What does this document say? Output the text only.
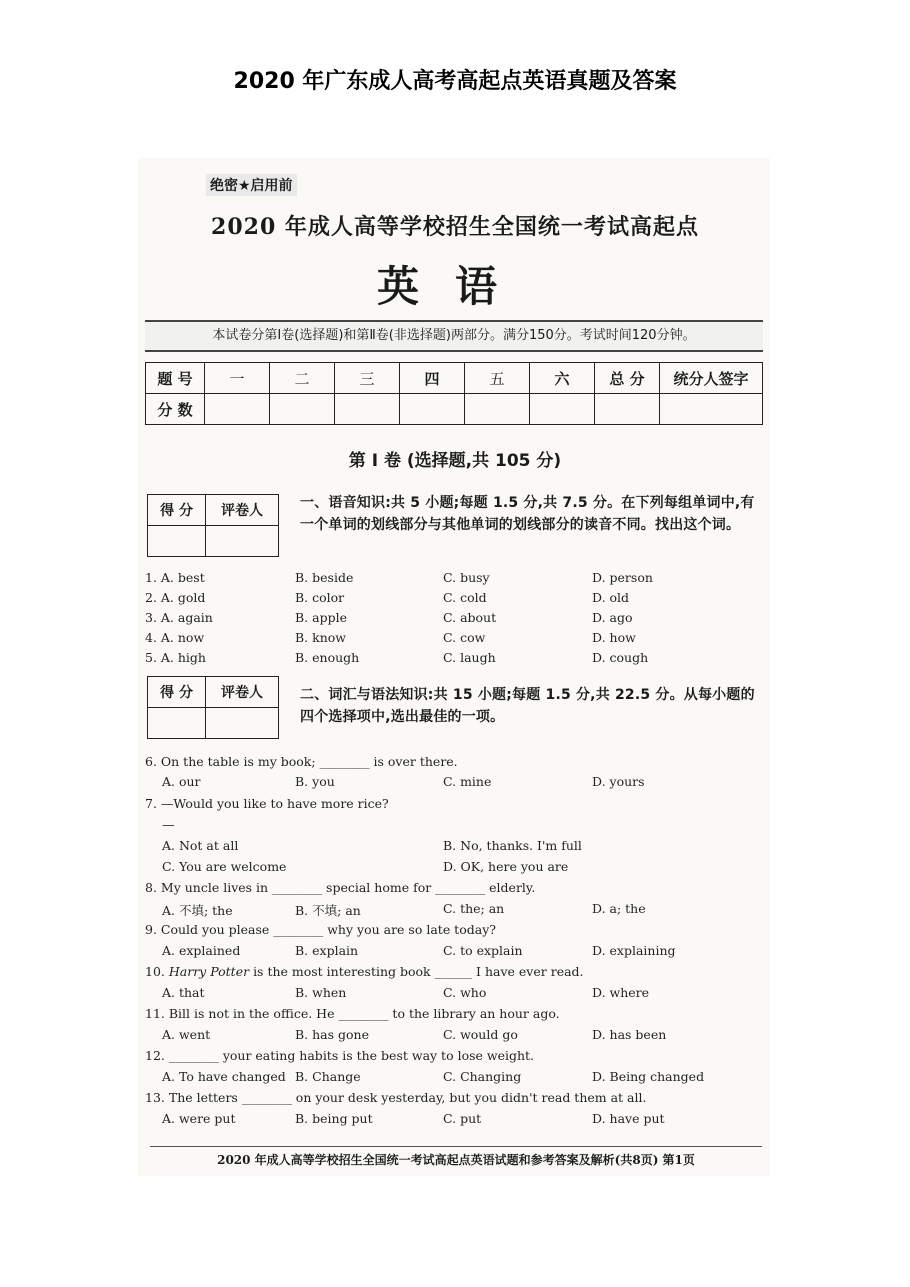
2020 年广东成人高考高起点英语真题及答案
绝密★启用前
2020 年成人高等学校招生全国统一考试高起点
英语
本试卷分第Ⅰ卷(选择题)和第Ⅱ卷(非选择题)两部分。满分150分。考试时间120分钟。
题 号	一	二	三	四	五	六	总 分	统分人签字
分 数								
第 Ⅰ 卷 (选择题,共 105 分)
得 分	评卷人
		一、语音知识:共 5 小题;每题 1.5 分,共 7.5 分。在下列每组单词中,有一个单词的划线部分与其他单词的划线部分的读音不同。找出这个词。
1. A. best	B. beside	C. busy	D. person
2. A. gold	B. color	C. cold	D. old
3. A. again	B. apple	C. about	D. ago
4. A. now	B. know	C. cow	D. how
5. A. high	B. enough	C. laugh	D. cough
得 分	评卷人
		二、词汇与语法知识:共 15 小题;每题 1.5 分,共 22.5 分。从每小题的四个选择项中,选出最佳的一项。
6. On the table is my book; ________ is over there.
A. our	B. you	C. mine	D. yours
7. —Would you like to have more rice?
—
A. Not at all	B. No, thanks. I'm full
C. You are welcome	D. OK, here you are
8. My uncle lives in ________ special home for ________ elderly.
A. 不填; the	B. 不填; an	C. the; an	D. a; the
9. Could you please ________ why you are so late today?
A. explained	B. explain	C. to explain	D. explaining
10. Harry Potter is the most interesting book ______ I have ever read.
A. that	B. when	C. who	D. where
11. Bill is not in the office. He ________ to the library an hour ago.
A. went	B. has gone	C. would go	D. has been
12. ________ your eating habits is the best way to lose weight.
A. To have changed B. Change	C. Changing	D. Being changed
13. The letters ________ on your desk yesterday, but you didn't read them at all.
A. were put	B. being put	C. put	D. have put
2020 年成人高等学校招生全国统一考试高起点英语试题和参考答案及解析(共8页) 第1页
